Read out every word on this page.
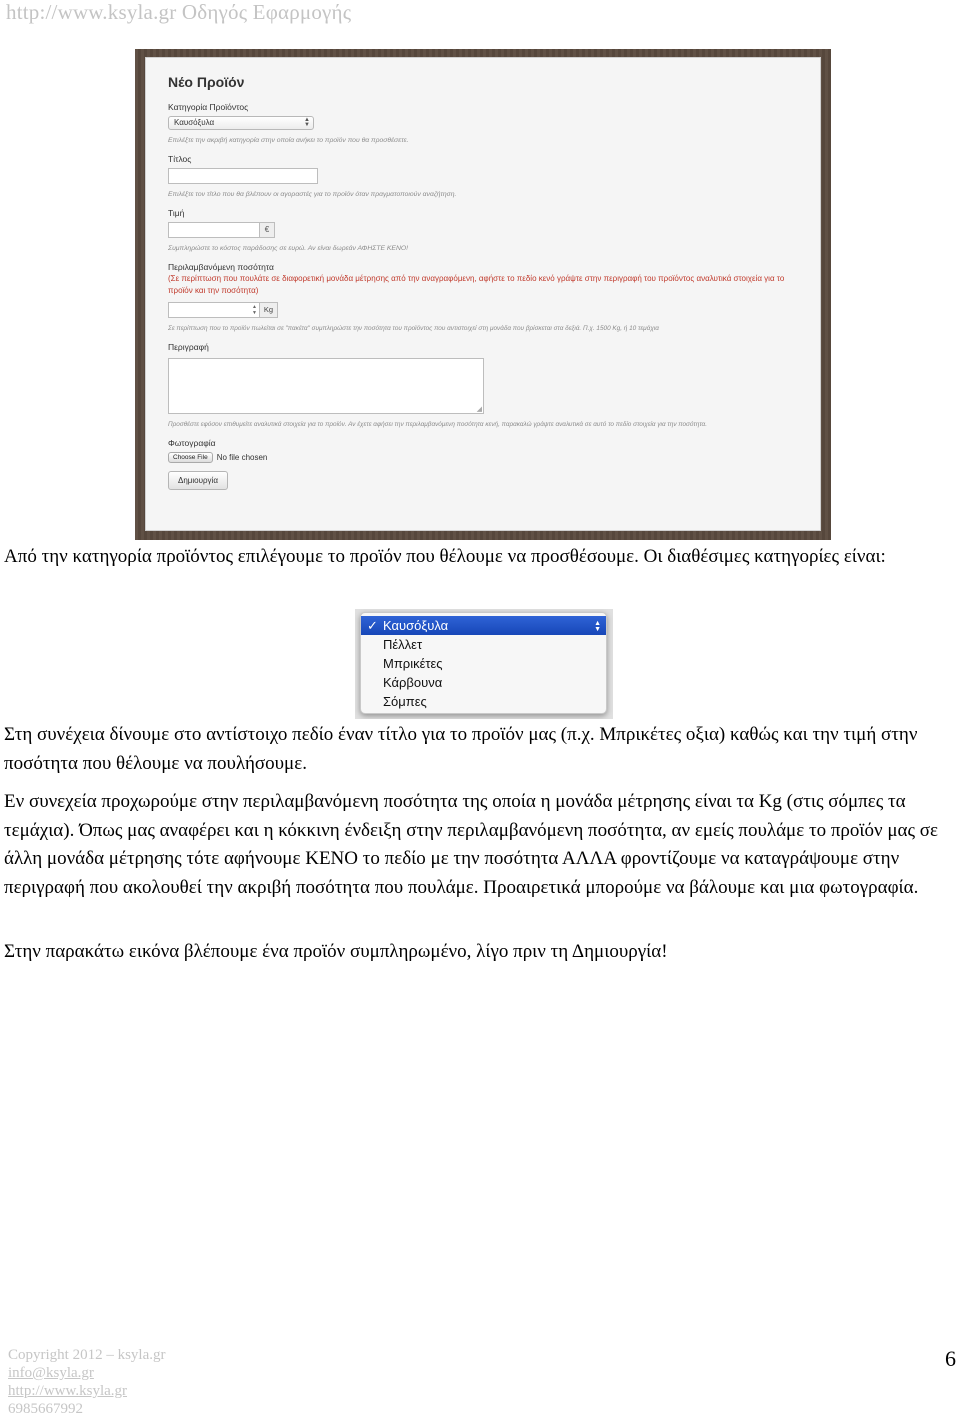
http://www.ksyla.gr Οδηγός Εφαρμογής
Νέο Προϊόν
Κατηγορία Προϊόντος
Καυσόξυλα	▲
▼
Επιλέξτε την ακριβή κατηγορία στην οποία ανήκει το προϊόν που θα προσθέσετε.
Τίτλος
Επιλέξτε τον τίτλο που θα βλέπουν οι αγοραστές για το προϊόν όταν πραγματοποιούν αναζήτηση.
Τιμή
€
Συμπληρώστε το κόστος παράδοσης σε ευρώ. Αν είναι δωρεάν ΑΦΗΣΤΕ ΚΕΝΟ!
Περιλαμβανόμενη ποσότητα
(Σε περίπτωση που πουλάτε σε διαφορετική μονάδα μέτρησης από την αναγραφόμενη, αφήστε το πεδίο κενό γράψτε στην περιγραφή του προϊόντος αναλυτικά στοιχεία για το προϊόν και την ποσότητα)
▲
▼ Kg
Σε περίπτωση που το προϊόν πωλείται σε "πακέτα" συμπληρώστε την ποσότητα του προϊόντος που αντιστοιχεί στη μονάδα που βρίσκεται στα δεξιά. Π.χ. 1500 Kg, ή 10 τεμάχια
Περιγραφή
◢
Προσθέστε εφόσον επιθυμείτε αναλυτικά στοιχεία για το προϊόν. Αν έχετε αφήσει την περιλαμβανόμενη ποσότητα κενή, παρακαλώ γράψτε αναλυτικά σε αυτό το πεδίο στοιχεία για την ποσότητα.
Φωτογραφία
Choose File	No file chosen
Δημιουργία

Από την κατηγορία προϊόντος επιλέγουμε το προϊόν που θέλουμε να προσθέσουμε. Οι διαθέσιμες κατηγορίες είναι:

✓ Καυσόξυλα	▲
▼
Πέλλετ
Μπρικέτες
Κάρβουνα
Σόμπες

Στη συνέχεια δίνουμε στο αντίστοιχο πεδίο έναν τίτλο για το προϊόν μας (π.χ. Μπρικέτες οξια) καθώς και την τιμή στην ποσότητα που θέλουμε να πουλήσουμε.

Εν συνεχεία προχωρούμε στην περιλαμβανόμενη ποσότητα της οποία η μονάδα μέτρησης είναι τα Kg (στις σόμπες τα τεμάχια). Όπως μας αναφέρει και η κόκκινη ένδειξη στην περιλαμβανόμενη ποσότητα, αν εμείς πουλάμε το προϊόν μας σε άλλη μονάδα μέτρησης τότε αφήνουμε ΚΕΝΟ το πεδίο με την ποσότητα ΑΛΛΑ φροντίζουμε να καταγράψουμε στην περιγραφή που ακολουθεί την ακριβή ποσότητα που πουλάμε. Προαιρετικά μπορούμε να βάλουμε και μια φωτογραφία.

Στην παρακάτω εικόνα βλέπουμε ένα προϊόν συμπληρωμένο, λίγο πριν τη Δημιουργία!

Copyright 2012 – ksyla.gr
info@ksyla.gr
http://www.ksyla.gr
6985667992
6
